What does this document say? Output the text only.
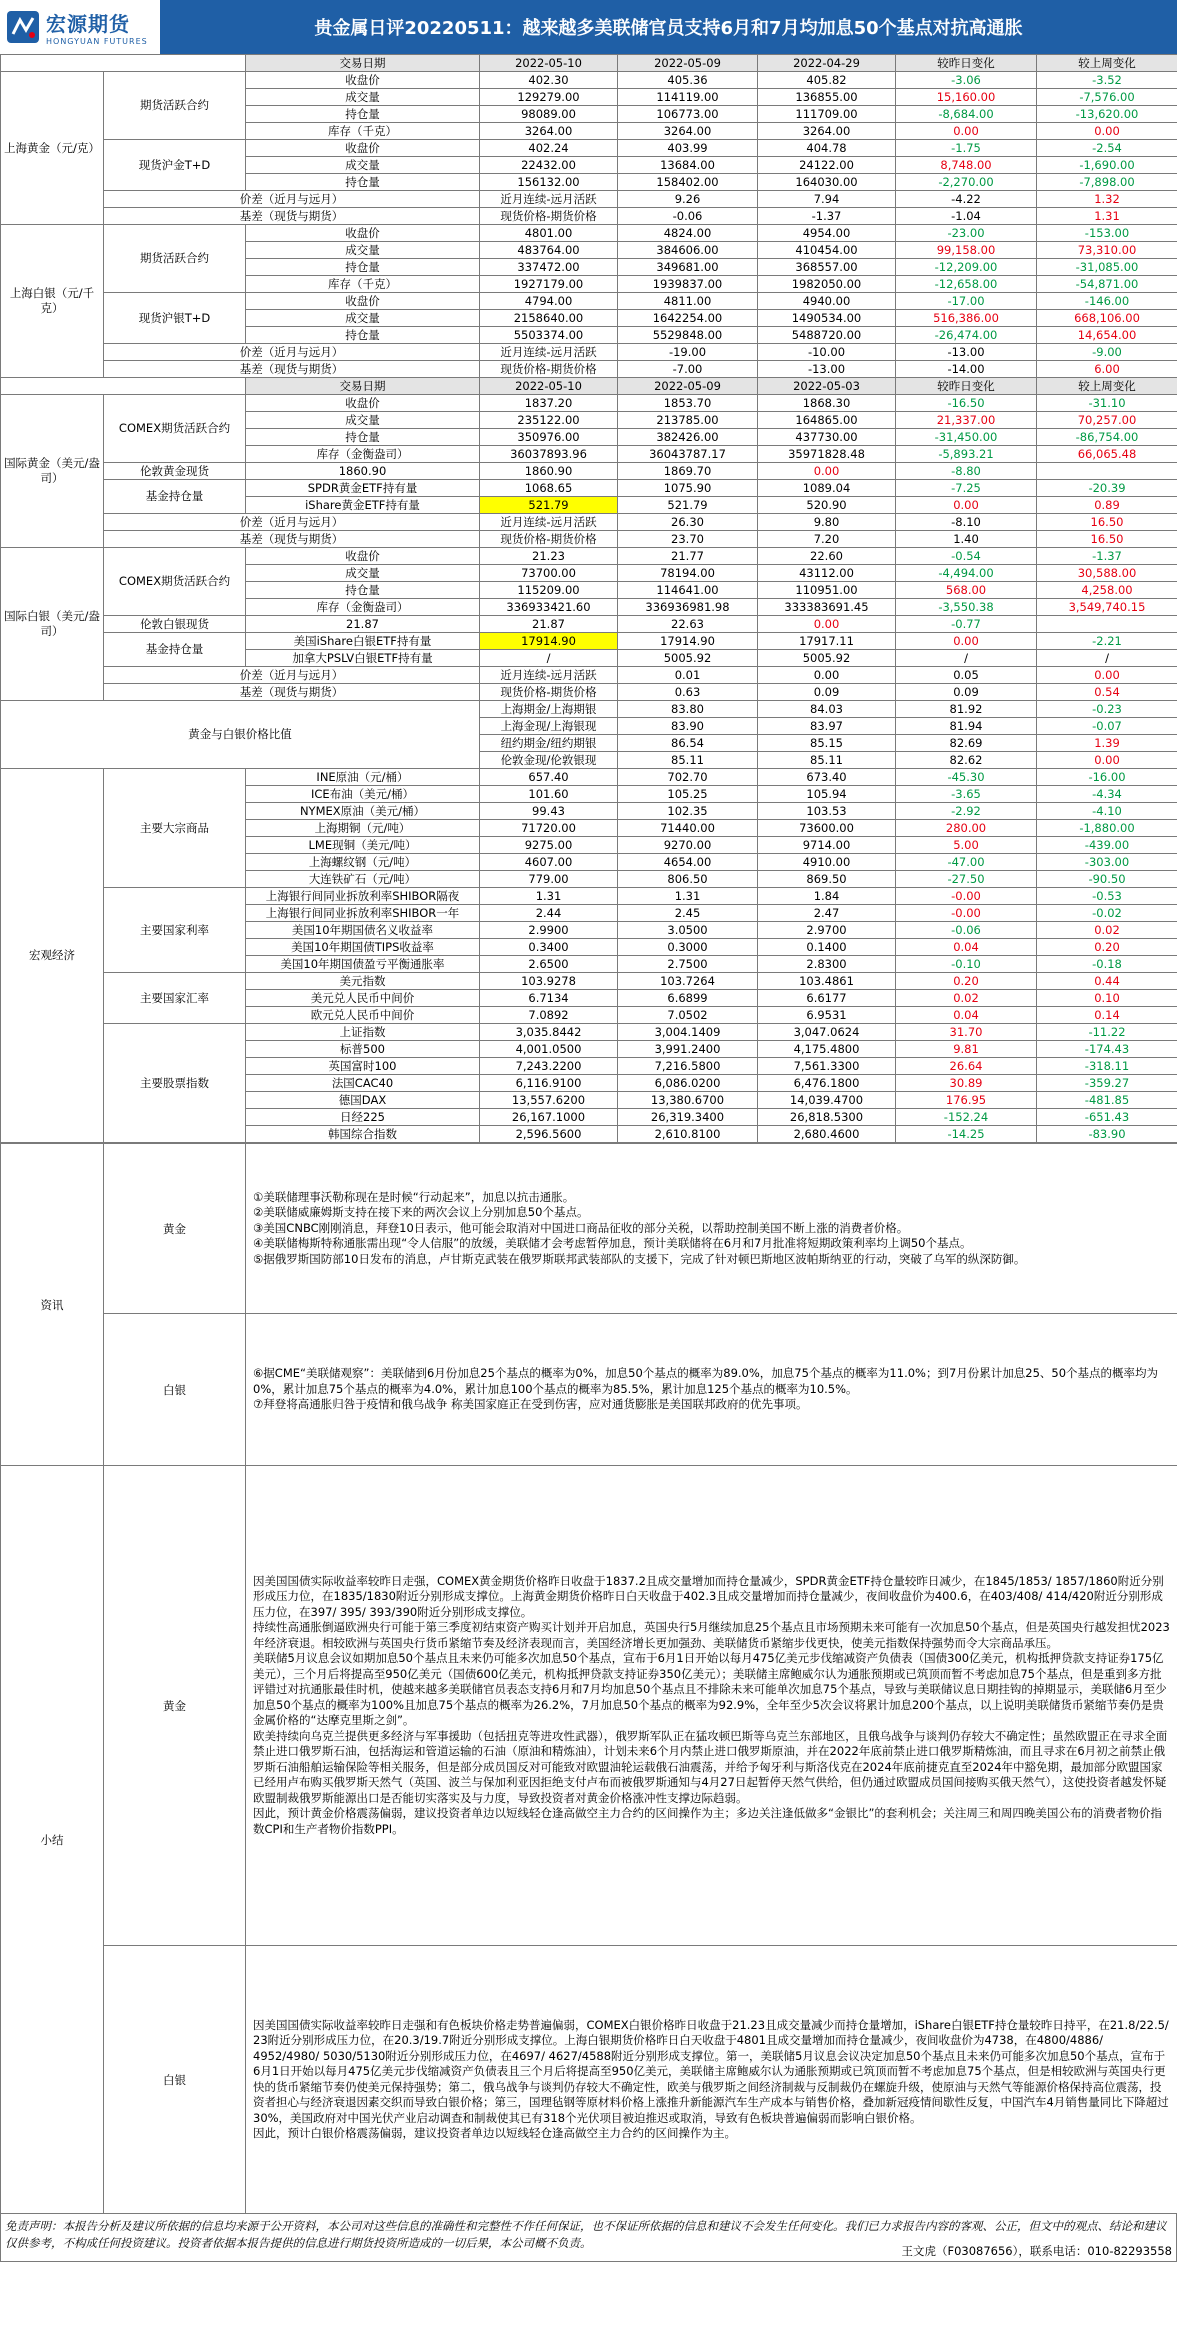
宏源期货
HONGYUAN FUTURES
贵金属日评20220511：越来越多美联储官员支持6月和7月均加息50个基点对抗高通胀
		交易日期	2022-05-10	2022-05-09	2022-04-29	较昨日变化	较上周变化	
上海黄金（元/克）	期货活跃合约	收盘价	402.30	405.36	405.82	-3.06	-3.52	
		成交量	129279.00	114119.00	136855.00	15,160.00	-7,576.00	
		持仓量	98089.00	106773.00	111709.00	-8,684.00	-13,620.00	
		库存（千克）	3264.00	3264.00	3264.00	0.00	0.00	
	现货沪金T+D	收盘价	402.24	403.99	404.78	-1.75	-2.54	
		成交量	22432.00	13684.00	24122.00	8,748.00	-1,690.00	
		持仓量	156132.00	158402.00	164030.00	-2,270.00	-7,898.00	
	价差（近月与远月）		近月连续-远月活跃	9.26	7.94	-4.22	1.32	
	基差（现货与期货）		现货价格-期货价格	-0.06	-1.37	-1.04	1.31	
上海白银（元/千克）	期货活跃合约	收盘价	4801.00	4824.00	4954.00	-23.00	-153.00	
		成交量	483764.00	384606.00	410454.00	99,158.00	73,310.00	
		持仓量	337472.00	349681.00	368557.00	-12,209.00	-31,085.00	
		库存（千克）	1927179.00	1939837.00	1982050.00	-12,658.00	-54,871.00	
	现货沪银T+D	收盘价	4794.00	4811.00	4940.00	-17.00	-146.00	
		成交量	2158640.00	1642254.00	1490534.00	516,386.00	668,106.00	
		持仓量	5503374.00	5529848.00	5488720.00	-26,474.00	14,654.00	
	价差（近月与远月）		近月连续-远月活跃	-19.00	-10.00	-13.00	-9.00	
	基差（现货与期货）		现货价格-期货价格	-7.00	-13.00	-14.00	6.00	
		交易日期	2022-05-10	2022-05-09	2022-05-03	较昨日变化	较上周变化	
国际黄金（美元/盎司）	COMEX期货活跃合约	收盘价	1837.20	1853.70	1868.30	-16.50	-31.10	
		成交量	235122.00	213785.00	164865.00	21,337.00	70,257.00	
		持仓量	350976.00	382426.00	437730.00	-31,450.00	-86,754.00	
		库存（金衡盎司）	36037893.96	36043787.17	35971828.48	-5,893.21	66,065.48	
	伦敦黄金现货	1860.90	1860.90	1869.70	0.00	-8.80		
	基金持仓量	SPDR黄金ETF持有量	1068.65	1075.90	1089.04	-7.25	-20.39	
		iShare黄金ETF持有量	521.79	521.79	520.90	0.00	0.89	
	价差（近月与远月）		近月连续-远月活跃	26.30	9.80	-8.10	16.50	
	基差（现货与期货）		现货价格-期货价格	23.70	7.20	1.40	16.50	
国际白银（美元/盎司）	COMEX期货活跃合约	收盘价	21.23	21.77	22.60	-0.54	-1.37	
		成交量	73700.00	78194.00	43112.00	-4,494.00	30,588.00	
		持仓量	115209.00	114641.00	110951.00	568.00	4,258.00	
		库存（金衡盎司）	336933421.60	336936981.98	333383691.45	-3,550.38	3,549,740.15	
	伦敦白银现货	21.87	21.87	22.63	0.00	-0.77		
	基金持仓量	美国iShare白银ETF持有量	17914.90	17914.90	17917.11	0.00	-2.21	
		加拿大PSLV白银ETF持有量	/	5005.92	5005.92	/	/	
	价差（近月与远月）		近月连续-远月活跃	0.01	0.00	0.05	0.00	
	基差（现货与期货）		现货价格-期货价格	0.63	0.09	0.09	0.54	
黄金与白银价格比值			上海期金/上海期银	83.80	84.03	81.92	-0.23	
			上海金现/上海银现	83.90	83.97	81.94	-0.07	
			纽约期金/纽约期银	86.54	85.15	82.69	1.39	
			伦敦金现/伦敦银现	85.11	85.11	82.62	0.00	
宏观经济	主要大宗商品	INE原油（元/桶）	657.40	702.70	673.40	-45.30	-16.00	
		ICE布油（美元/桶）	101.60	105.25	105.94	-3.65	-4.34	
		NYMEX原油（美元/桶）	99.43	102.35	103.53	-2.92	-4.10	
		上海期铜（元/吨）	71720.00	71440.00	73600.00	280.00	-1,880.00	
		LME现铜（美元/吨）	9275.00	9270.00	9714.00	5.00	-439.00	
		上海螺纹钢（元/吨）	4607.00	4654.00	4910.00	-47.00	-303.00	
		大连铁矿石（元/吨）	779.00	806.50	869.50	-27.50	-90.50	
	主要国家利率	上海银行间同业拆放利率SHIBOR隔夜	1.31	1.31	1.84	-0.00	-0.53	
		上海银行间同业拆放利率SHIBOR一年	2.44	2.45	2.47	-0.00	-0.02	
		美国10年期国债名义收益率	2.9900	3.0500	2.9700	-0.06	0.02	
		美国10年期国债TIPS收益率	0.3400	0.3000	0.1400	0.04	0.20	
		美国10年期国债盈亏平衡通胀率	2.6500	2.7500	2.8300	-0.10	-0.18	
	主要国家汇率	美元指数	103.9278	103.7264	103.4861	0.20	0.44	
		美元兑人民币中间价	6.7134	6.6899	6.6177	0.02	0.10	
		欧元兑人民币中间价	7.0892	7.0502	6.9531	0.04	0.14	
	主要股票指数	上证指数	3,035.8442	3,004.1409	3,047.0624	31.70	-11.22	
		标普500	4,001.0500	3,991.2400	4,175.4800	9.81	-174.43	
		英国富时100	7,243.2200	7,216.5800	7,561.3300	26.64	-318.11	
		法国CAC40	6,116.9100	6,086.0200	6,476.1800	30.89	-359.27	
		德国DAX	13,557.6200	13,380.6700	14,039.4700	176.95	-481.85	
		日经225	26,167.1000	26,319.3400	26,818.5300	-152.24	-651.43	
		韩国综合指数	2,596.5600	2,610.8100	2,680.4600	-14.25	-83.90	
资讯	黄金	①美联储理事沃勒称现在是时候“行动起来”，加息以抗击通胀。

②美联储威廉姆斯支持在接下来的两次会议上分别加息50个基点。

③美国CNBC刚刚消息，拜登10日表示，他可能会取消对中国进口商品征收的部分关税，以帮助控制美国不断上涨的消费者价格。

④美联储梅斯特称通胀需出现“令人信服”的放缓，美联储才会考虑暂停加息，预计美联储将在6月和7月批准将短期政策利率均上调50个基点。

⑤据俄罗斯国防部10日发布的消息，卢甘斯克武装在俄罗斯联邦武装部队的支援下，完成了针对顿巴斯地区波帕斯纳亚的行动，突破了乌军的纵深防御。

	白银	⑥据CME“美联储观察”：美联储到6月份加息25个基点的概率为0%，加息50个基点的概率为89.0%，加息75个基点的概率为11.0%；到7月份累计加息25、50个基点的概率均为0%，累计加息75个基点的概率为4.0%，累计加息100个基点的概率为85.5%，累计加息125个基点的概率为10.5%。

⑦拜登将高通胀归咎于疫情和俄乌战争 称美国家庭正在受到伤害，应对通货膨胀是美国联邦政府的优先事项。

小结	黄金	因美国国债实际收益率较昨日走强，COMEX黄金期货价格昨日收盘于1837.2且成交量增加而持仓量减少，SPDR黄金ETF持仓量较昨日减少，在1845/1853/ 1857/1860附近分别形成压力位，在1835/1830附近分别形成支撑位。上海黄金期货价格昨日白天收盘于402.3且成交量增加而持仓量减少，夜间收盘价为400.6，在403/408/ 414/420附近分别形成压力位，在397/ 395/ 393/390附近分别形成支撑位。

持续性高通胀倒逼欧洲央行可能于第三季度初结束资产购买计划并开启加息，英国央行5月继续加息25个基点且市场预期未来可能有一次加息50个基点，但是英国央行越发担忧2023年经济衰退。相较欧洲与英国央行货币紧缩节奏及经济表现而言，美国经济增长更加强劲、美联储货币紧缩步伐更快，使美元指数保持强势而令大宗商品承压。

美联储5月议息会议如期加息50个基点且未来仍可能多次加息50个基点，宣布于6月1日开始以每月475亿美元步伐缩减资产负债表（国债300亿美元，机构抵押贷款支持证券175亿美元），三个月后将提高至950亿美元（国债600亿美元，机构抵押贷款支持证券350亿美元）；美联储主席鲍威尔认为通胀预期或已筑顶而暂不考虑加息75个基点，但是重到多方批评错过对抗通胀最佳时机，使越来越多美联储官员表态支持6月和7月均加息50个基点且不排除未来可能单次加息75个基点，导致与美联储议息日期挂钩的掉期显示，美联储6月至少加息50个基点的概率为100%且加息75个基点的概率为26.2%，7月加息50个基点的概率为92.9%，全年至少5次会议将累计加息200个基点，以上说明美联储货币紧缩节奏仍是贵金属价格的“达摩克里斯之剑”。

欧美持续向乌克兰提供更多经济与军事援助（包括扭克等进攻性武器），俄罗斯军队正在猛攻顿巴斯等乌克兰东部地区，且俄乌战争与谈判仍存较大不确定性；虽然欧盟正在寻求全面禁止进口俄罗斯石油，包括海运和管道运输的石油（原油和精炼油），计划未来6个月内禁止进口俄罗斯原油，并在2022年底前禁止进口俄罗斯精炼油，而且寻求在6月初之前禁止俄罗斯石油船舶运输保险等相关服务，但是部分成员国反对可能致对欧盟油轮运载俄石油震荡，并给予匈牙利与斯洛伐克在2024年底前捷克直至2024年中豁免期，最加部分欧盟国家已经用卢布购买俄罗斯天然气（英国、波兰与保加利亚因拒绝支付卢布而被俄罗斯通知与4月27日起暂停天然气供给，但仍通过欧盟成员国间接购买俄天然气），这使投资者越发怀疑欧盟制裁俄罗斯能源出口是否能切实落实及与力度，导致投资者对黄金价格涨冲性支撑边际趋弱。

因此，预计黄金价格震荡偏弱，建议投资者单边以短线轻仓逢高做空主力合约的区间操作为主；多边关注逢低做多“金银比”的套利机会；关注周三和周四晚美国公布的消费者物价指数CPI和生产者物价指数PPI。

	白银	因美国国债实际收益率较昨日走强和有色板块价格走势普遍偏弱，COMEX白银价格昨日收盘于21.23且成交量减少而持仓量增加，iShare白银ETF持仓量较昨日持平，在21.8/22.5/ 23附近分别形成压力位，在20.3/19.7附近分别形成支撑位。上海白银期货价格昨日白天收盘于4801且成交量增加而持仓量减少，夜间收盘价为4738，在4800/4886/ 4952/4980/ 5030/5130附近分别形成压力位，在4697/ 4627/4588附近分别形成支撑位。第一，美联储5月议息会议决定加息50个基点且未来仍可能多次加息50个基点，宣布于6月1日开始以每月475亿美元步伐缩减资产负债表且三个月后将提高至950亿美元，美联储主席鲍威尔认为通胀预期或已筑顶而暂不考虑加息75个基点，但是相较欧洲与英国央行更快的货币紧缩节奏仍使美元保持强势；第二，俄乌战争与谈判仍存较大不确定性，欧美与俄罗斯之间经济制裁与反制裁仍在螺旋升级，使原油与天然气等能源价格保持高位震荡，投资者担心与经济衰退因素交织而导致白银价格；第三，国理毡钢等原材料价格上涨推升新能源汽车生产成本与销售价格，叠加新冠疫情间歇性反复，中国汽车4月销售量同比下降超过30%，美国政府对中国光伏产业启动调查和制裁使其已有318个光伏项目被迫推迟或取消，导致有色板块普遍偏弱而影响白银价格。

因此，预计白银价格震荡偏弱，建议投资者单边以短线轻仓逢高做空主力合约的区间操作为主。

免责声明：本报告分析及建议所依据的信息均来源于公开资料，本公司对这些信息的准确性和完整性不作任何保证，也不保证所依据的信息和建议不会发生任何变化。我们已力求报告内容的客观、公正，但文中的观点、结论和建议仅供参考，不构成任何投资建议。投资者依据本报告提供的信息进行期货投资所造成的一切后果，本公司概不负责。
王文虎（F03087656），联系电话：010-82293558
